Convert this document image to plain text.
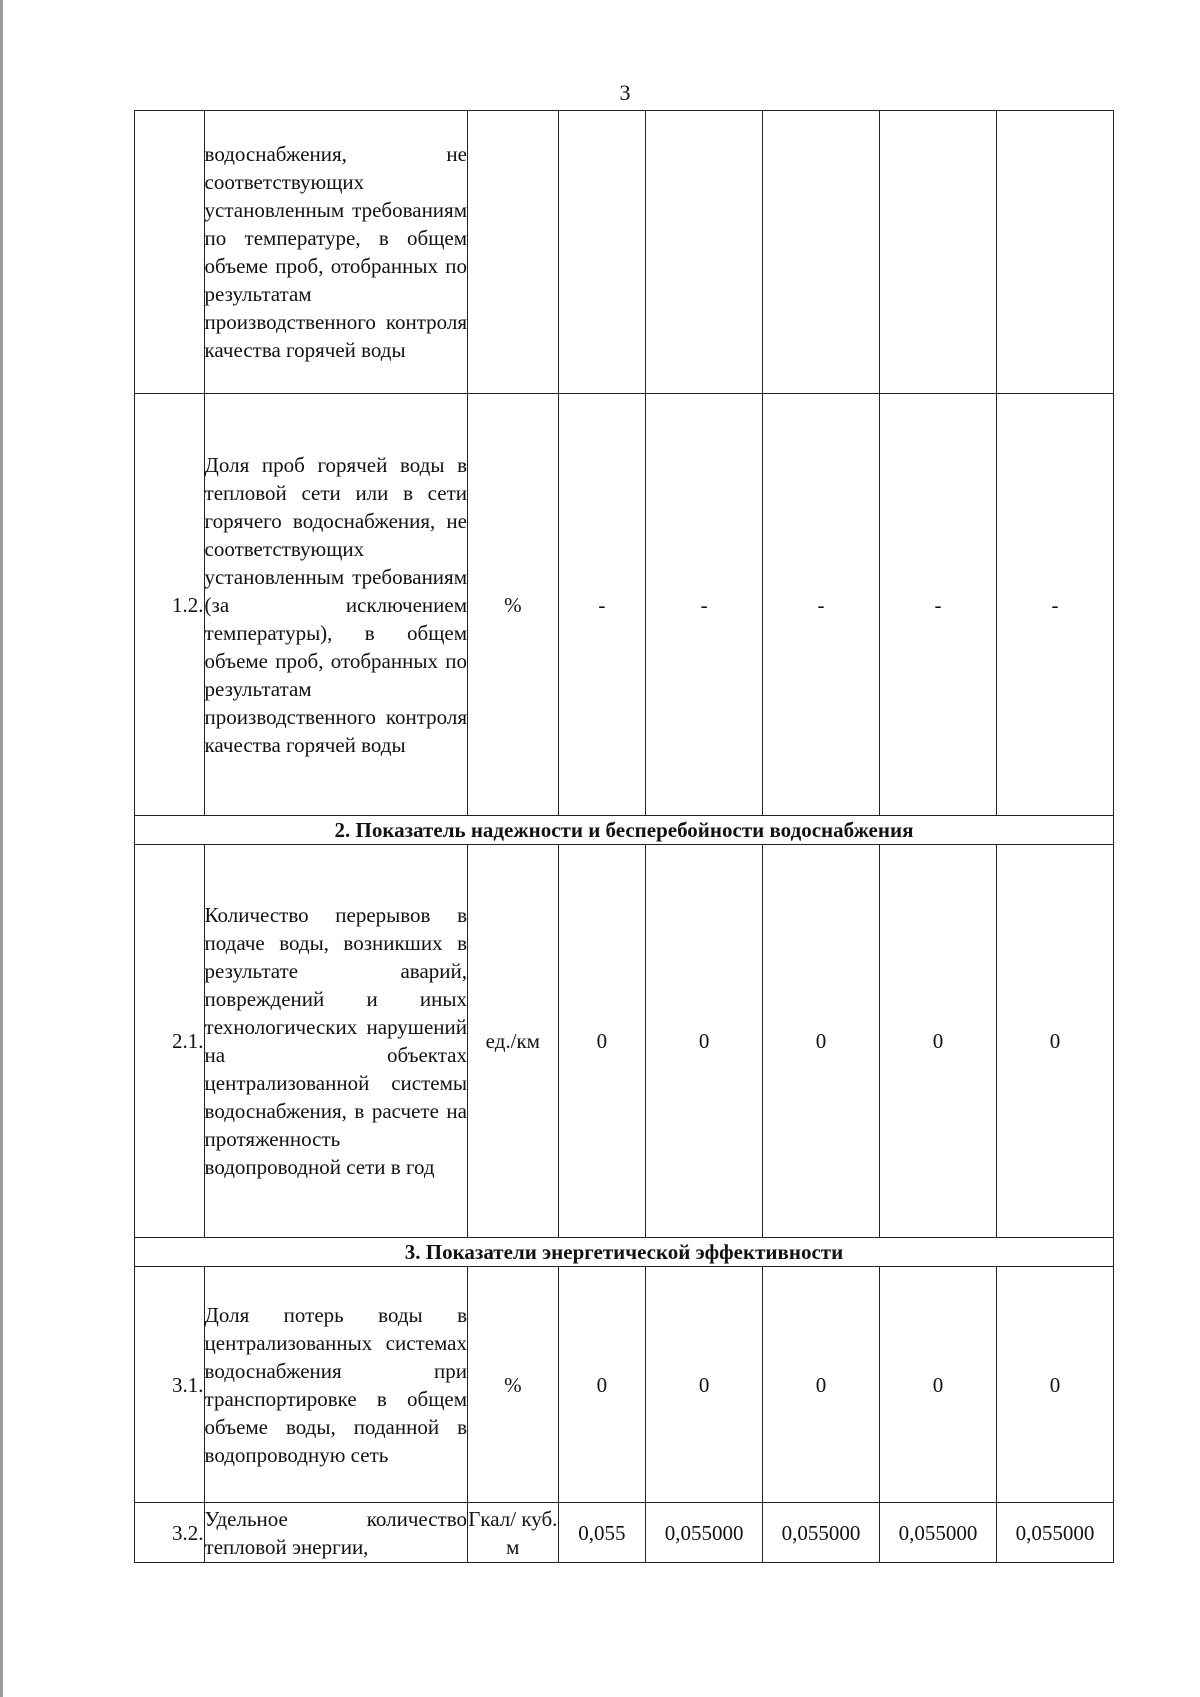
3
	водоснабжения, не соответствующих установленным требованиям по температуре, в общем объеме проб, отобранных по результатам производственного контроля качества горячей воды						
1.2.	Доля проб горячей воды в тепловой сети или в сети горячего водоснабжения, не соответствующих установленным требованиям (за исключением температуры), в общем объеме проб, отобранных по результатам производственного контроля качества горячей воды	%	-	-	-	-	-
2. Показатель надежности и бесперебойности водоснабжения							
2.1.	Количество перерывов в подаче воды, возникших в результате аварий, повреждений и иных технологических нарушений на объектах централизованной системы водоснабжения, в расчете на протяженность водопроводной сети в год	ед./км	0	0	0	0	0
3. Показатели энергетической эффективности							
3.1.	Доля потерь воды в централизованных системах водоснабжения при транспортировке в общем объеме воды, поданной в водопроводную сеть	%	0	0	0	0	0
3.2.	Удельное количество тепловой энергии,	Гкал/ куб. м	0,055	0,055000	0,055000	0,055000	0,055000
